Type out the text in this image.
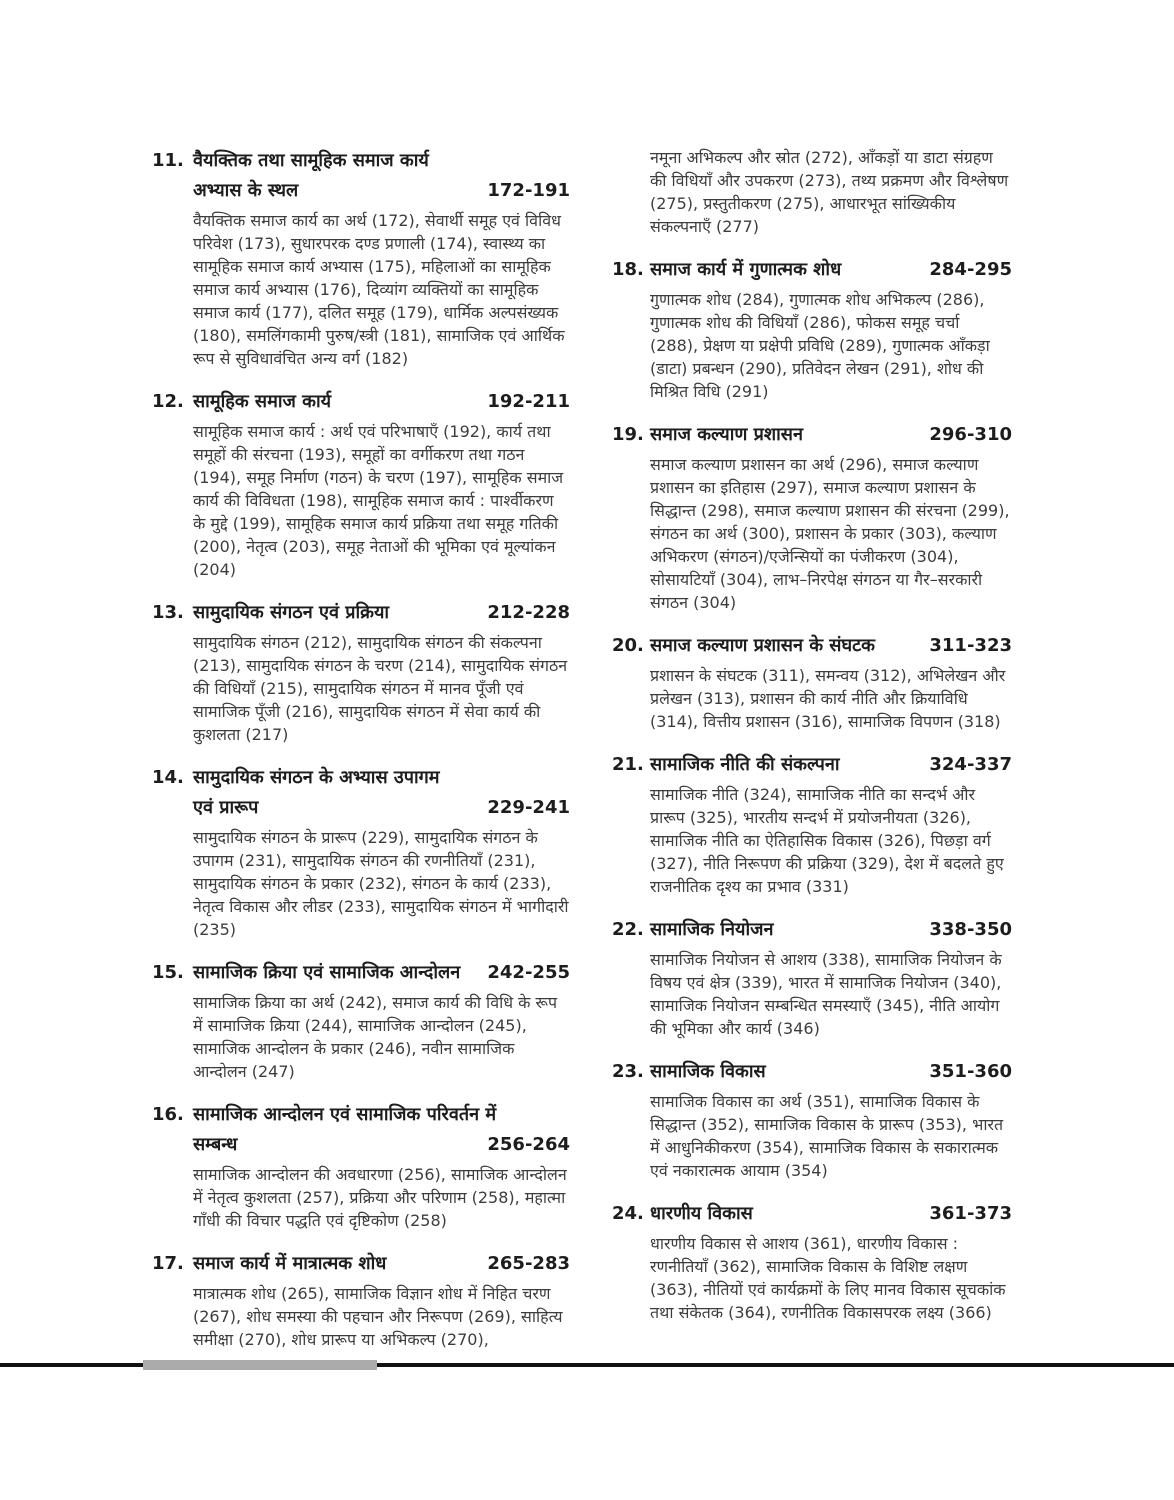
11. वैयक्तिक तथा सामूहिक समाज कार्य
अभ्यास के स्थल	172-191
वैयक्तिक समाज कार्य का अर्थ (172), सेवार्थी समूह एवं विविध परिवेश (173), सुधारपरक दण्ड प्रणाली (174), स्वास्थ्य का सामूहिक समाज कार्य अभ्यास (175), महिलाओं का सामूहिक समाज कार्य अभ्यास (176), दिव्यांग व्यक्तियों का सामूहिक समाज कार्य (177), दलित समूह (179), धार्मिक अल्पसंख्यक (180), समलिंगकामी पुरुष/स्त्री (181), सामाजिक एवं आर्थिक रूप से सुविधावंचित अन्य वर्ग (182)
12. सामूहिक समाज कार्य	192-211
सामूहिक समाज कार्य : अर्थ एवं परिभाषाएँ (192), कार्य तथा समूहों की संरचना (193), समूहों का वर्गीकरण तथा गठन (194), समूह निर्माण (गठन) के चरण (197), सामूहिक समाज कार्य की विविधता (198), सामूहिक समाज कार्य : पार्श्वीकरण के मुद्दे (199), सामूहिक समाज कार्य प्रक्रिया तथा समूह गतिकी (200), नेतृत्व (203), समूह नेताओं की भूमिका एवं मूल्यांकन (204)
13. सामुदायिक संगठन एवं प्रक्रिया	212-228
सामुदायिक संगठन (212), सामुदायिक संगठन की संकल्पना (213), सामुदायिक संगठन के चरण (214), सामुदायिक संगठन की विधियाँ (215), सामुदायिक संगठन में मानव पूँजी एवं सामाजिक पूँजी (216), सामुदायिक संगठन में सेवा कार्य की कुशलता (217)
14. सामुदायिक संगठन के अभ्यास उपागम
एवं प्रारूप	229-241
सामुदायिक संगठन के प्रारूप (229), सामुदायिक संगठन के उपागम (231), सामुदायिक संगठन की रणनीतियाँ (231), सामुदायिक संगठन के प्रकार (232), संगठन के कार्य (233), नेतृत्व विकास और लीडर (233), सामुदायिक संगठन में भागीदारी (235)
15. सामाजिक क्रिया एवं सामाजिक आन्दोलन 242-255
सामाजिक क्रिया का अर्थ (242), समाज कार्य की विधि के रूप में सामाजिक क्रिया (244), सामाजिक आन्दोलन (245), सामाजिक आन्दोलन के प्रकार (246), नवीन सामाजिक आन्दोलन (247)
16. सामाजिक आन्दोलन एवं सामाजिक परिवर्तन में
सम्बन्ध	256-264
सामाजिक आन्दोलन की अवधारणा (256), सामाजिक आन्दोलन में नेतृत्व कुशलता (257), प्रक्रिया और परिणाम (258), महात्मा गाँधी की विचार पद्धति एवं दृष्टिकोण (258)
17. समाज कार्य में मात्रात्मक शोध	265-283
मात्रात्मक शोध (265), सामाजिक विज्ञान शोध में निहित चरण (267), शोध समस्या की पहचान और निरूपण (269), साहित्य समीक्षा (270), शोध प्रारूप या अभिकल्प (270),
नमूना अभिकल्प और स्रोत (272), आँकड़ों या डाटा संग्रहण की विधियाँ और उपकरण (273), तथ्य प्रक्रमण और विश्लेषण (275), प्रस्तुतीकरण (275), आधारभूत सांख्यिकीय संकल्पनाएँ (277)
18. समाज कार्य में गुणात्मक शोध	284-295
गुणात्मक शोध (284), गुणात्मक शोध अभिकल्प (286), गुणात्मक शोध की विधियाँ (286), फोकस समूह चर्चा (288), प्रेक्षण या प्रक्षेपी प्रविधि (289), गुणात्मक आँकड़ा (डाटा) प्रबन्धन (290), प्रतिवेदन लेखन (291), शोध की मिश्रित विधि (291)
19. समाज कल्याण प्रशासन	296-310
समाज कल्याण प्रशासन का अर्थ (296), समाज कल्याण प्रशासन का इतिहास (297), समाज कल्याण प्रशासन के सिद्धान्त (298), समाज कल्याण प्रशासन की संरचना (299), संगठन का अर्थ (300), प्रशासन के प्रकार (303), कल्याण अभिकरण (संगठन)/एजेन्सियों का पंजीकरण (304), सोसायटियाँ (304), लाभ–निरपेक्ष संगठन या गैर–सरकारी संगठन (304)
20. समाज कल्याण प्रशासन के संघटक	311-323
प्रशासन के संघटक (311), समन्वय (312), अभिलेखन और प्रलेखन (313), प्रशासन की कार्य नीति और क्रियाविधि (314), वित्तीय प्रशासन (316), सामाजिक विपणन (318)
21. सामाजिक नीति की संकल्पना	324-337
सामाजिक नीति (324), सामाजिक नीति का सन्दर्भ और प्रारूप (325), भारतीय सन्दर्भ में प्रयोजनीयता (326), सामाजिक नीति का ऐतिहासिक विकास (326), पिछड़ा वर्ग (327), नीति निरूपण की प्रक्रिया (329), देश में बदलते हुए राजनीतिक दृश्य का प्रभाव (331)
22. सामाजिक नियोजन	338-350
सामाजिक नियोजन से आशय (338), सामाजिक नियोजन के विषय एवं क्षेत्र (339), भारत में सामाजिक नियोजन (340), सामाजिक नियोजन सम्बन्धित समस्याएँ (345), नीति आयोग की भूमिका और कार्य (346)
23. सामाजिक विकास	351-360
सामाजिक विकास का अर्थ (351), सामाजिक विकास के सिद्धान्त (352), सामाजिक विकास के प्रारूप (353), भारत में आधुनिकीकरण (354), सामाजिक विकास के सकारात्मक एवं नकारात्मक आयाम (354)
24. धारणीय विकास	361-373
धारणीय विकास से आशय (361), धारणीय विकास : रणनीतियाँ (362), सामाजिक विकास के विशिष्ट लक्षण (363), नीतियों एवं कार्यक्रमों के लिए मानव विकास सूचकांक तथा संकेतक (364), रणनीतिक विकासपरक लक्ष्य (366)
